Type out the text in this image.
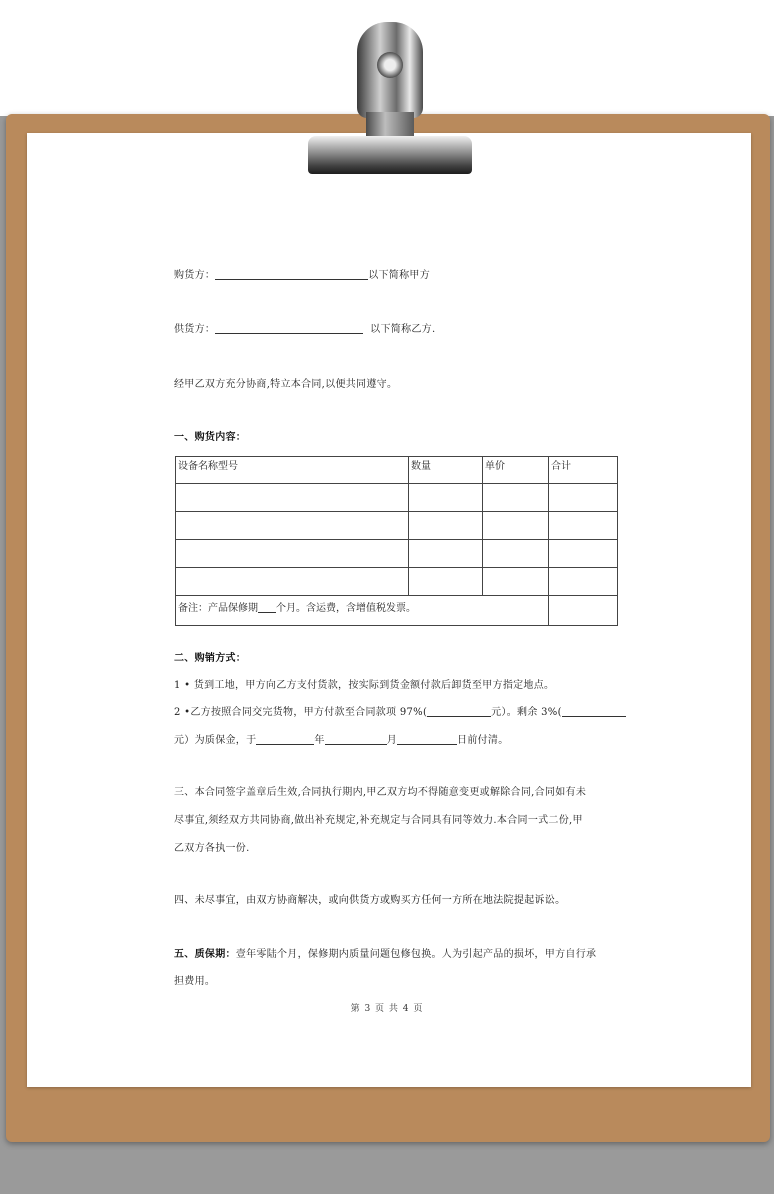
购货方：	以下简称甲方
供货方：	以下简称乙方.
经甲乙双方充分协商,特立本合同,以便共同遵守。
一、购货内容：
设备名称型号	数量	单价	合计

备注：产品保修期 个月。含运费，含增值税发票。			
二、购销方式：
1 • 货到工地，甲方向乙方支付货款，按实际到货金额付款后卸货至甲方指定地点。
2 •乙方按照合同交完货物，甲方付款至合同款项 97%(	元）。剩余 3%(
元）为质保金，于	年	月	日前付清。
三、本合同签字盖章后生效,合同执行期内,甲乙双方均不得随意变更或解除合同,合同如有未
尽事宜,须经双方共同协商,做出补充规定,补充规定与合同具有同等效力.本合同一式二份,甲
乙双方各执一份.
四、未尽事宜，由双方协商解决，或向供货方或购买方任何一方所在地法院提起诉讼。
五、质保期：壹年零陆个月，保修期内质量问题包修包换。人为引起产品的损坏，甲方自行承
担费用。
第 3 页 共 4 页
